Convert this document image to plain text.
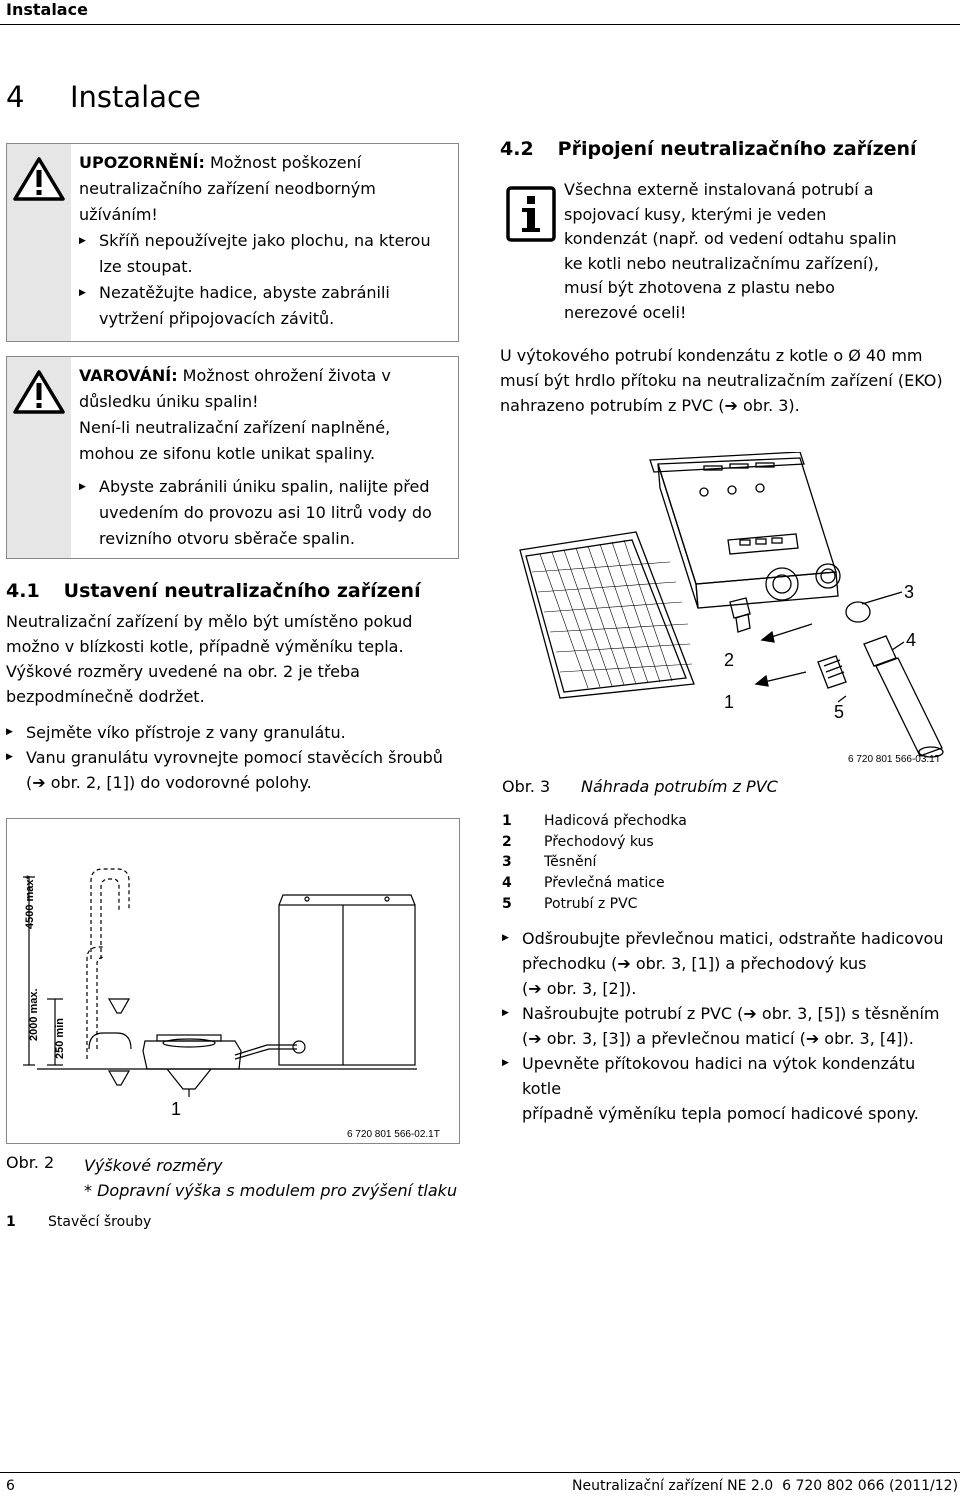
Instalace
4 Instalace
UPOZORNĚNÍ: Možnost poškození
neutralizačního zařízení neodborným
užíváním!
▶ Skříň nepoužívejte jako plochu, na kterou
lze stoupat.
▶ Nezatěžujte hadice, abyste zabránili
vytržení připojovacích závitů.
VAROVÁNÍ: Možnost ohrožení života v
důsledku úniku spalin!
Není-li neutralizační zařízení naplněné,
mohou ze sifonu kotle unikat spaliny.
▶ Abyste zabránili úniku spalin, nalijte před
uvedením do provozu asi 10 litrů vody do
revizního otvoru sběrače spalin.
4.1 Ustavení neutralizačního zařízení
Neutralizační zařízení by mělo být umístěno pokud
možno v blízkosti kotle, případně výměníku tepla.
Výškové rozměry uvedené na obr. 2 je třeba
bezpodmínečně dodržet.
▶ Sejměte víko přístroje z vany granulátu.
▶ Vanu granulátu vyrovnejte pomocí stavěcích šroubů
(➔ obr. 2, [1]) do vodorovné polohy.
4500 max*
2000 max. 250 min
1
6 720 801 566-02.1T
Obr. 2 Výškové rozměry
* Dopravní výška s modulem pro zvýšení tlaku
1 Stavěcí šrouby
4.2 Připojení neutralizačního zařízení
Všechna externě instalovaná potrubí a
spojovací kusy, kterými je veden
kondenzát (např. od vedení odtahu spalin
ke kotli nebo neutralizačnímu zařízení),
musí být zhotovena z plastu nebo
nerezové oceli!
U výtokového potrubí kondenzátu z kotle o Ø 40 mm
musí být hrdlo přítoku na neutralizačním zařízení (EKO)
nahrazeno potrubím z PVC (➔ obr. 3).
3
4
2
1	5
6 720 801 566-03.1T
Obr. 3 Náhrada potrubím z PVC
1 Hadicová přechodka
2 Přechodový kus
3 Těsnění
4 Převlečná matice
5 Potrubí z PVC
▶ Odšroubujte převlečnou matici, odstraňte hadicovou
přechodku (➔ obr. 3, [1]) a přechodový kus
(➔ obr. 3, [2]).
▶ Našroubujte potrubí z PVC (➔ obr. 3, [5]) s těsněním
(➔ obr. 3, [3]) a převlečnou maticí (➔ obr. 3, [4]).
▶ Upevněte přítokovou hadici na výtok kondenzátu kotle
případně výměníku tepla pomocí hadicové spony.
6	Neutralizační zařízení NE 2.0 6 720 802 066 (2011/12)
